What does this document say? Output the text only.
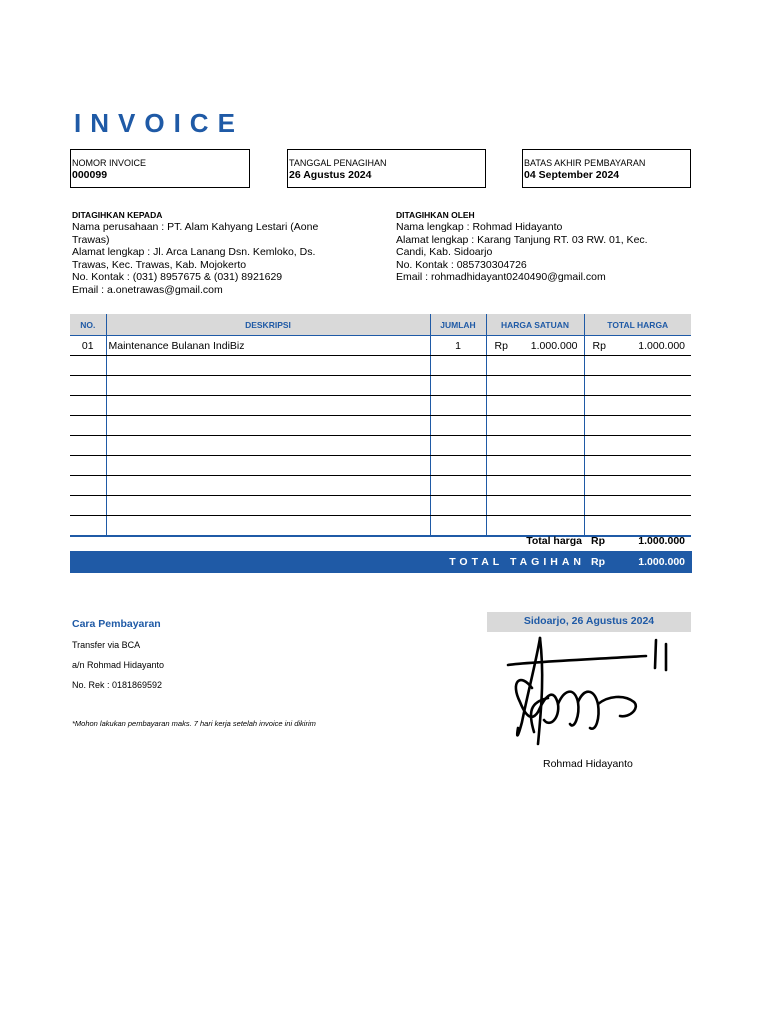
INVOICE
NOMOR INVOICE
000099
TANGGAL PENAGIHAN
26 Agustus 2024
BATAS AKHIR PEMBAYARAN
04 September 2024
DITAGIHKAN KEPADA
Nama perusahaan : PT. Alam Kahyang Lestari (Aone Trawas)
Alamat lengkap : Jl. Arca Lanang Dsn. Kemloko, Ds. Trawas, Kec. Trawas, Kab. Mojokerto
No. Kontak : (031) 8957675 & (031) 8921629
Email : a.onetrawas@gmail.com
DITAGIHKAN OLEH
Nama lengkap : Rohmad Hidayanto
Alamat lengkap : Karang Tanjung RT. 03 RW. 01, Kec. Candi, Kab. Sidoarjo
No. Kontak : 085730304726
Email : rohmadhidayant0240490@gmail.com
NO.	DESKRIPSI	JUMLAH	HARGA SATUAN	TOTAL HARGA
01	Maintenance Bulanan IndiBiz	1	Rp 1.000.000	Rp 1.000.000

Total harga Rp	1.000.000
TOTAL TAGIHAN Rp	1.000.000
Cara Pembayaran
Transfer via BCA
a/n Rohmad Hidayanto
No. Rek : 0181869592
*Mohon lakukan pembayaran maks. 7 hari kerja setelah invoice ini dikirim
Sidoarjo, 26 Agustus 2024
Rohmad Hidayanto
